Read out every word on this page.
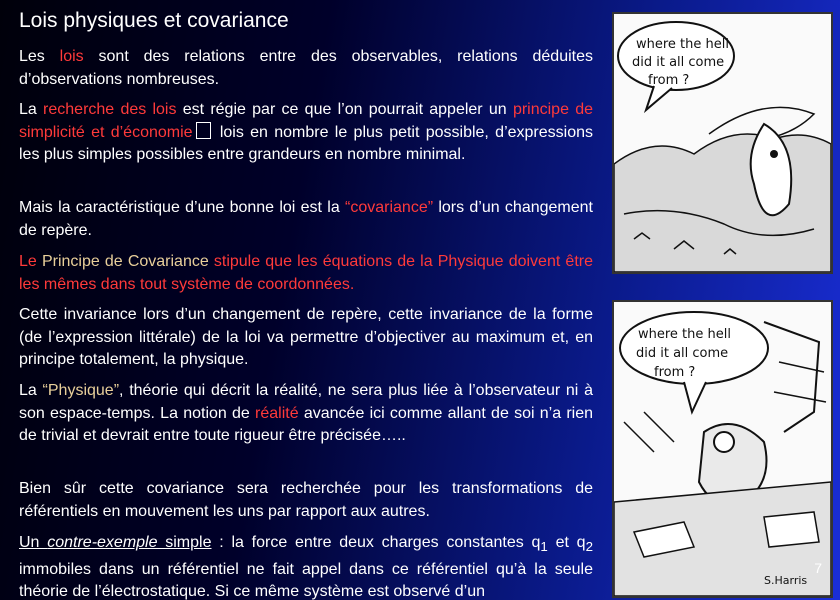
Lois physiques et covariance
Les lois sont des relations entre des observables, relations déduites d’observations nombreuses.
La recherche des lois est régie par ce que l’on pourrait appeler un principe de simplicité et d’économie lois en nombre le plus petit possible, d’expressions les plus simples possibles entre grandeurs en nombre minimal.
Mais la caractéristique d’une bonne loi est la “covariance” lors d’un changement de repère.
Le Principe de Covariance stipule que les équations de la Physique doivent être les mêmes dans tout système de coordonnées.
Cette invariance lors d’un changement de repère, cette invariance de la forme (de l’expression littérale) de la loi va permettre d’objectiver au maximum et, en principe totalement, la physique.
La “Physique”, théorie qui décrit la réalité, ne sera plus liée à l’observateur ni à son espace-temps. La notion de réalité avancée ici comme allant de soi n’a rien de trivial et devrait entre toute rigueur être précisée…..
Bien sûr cette covariance sera recherchée pour les transformations de référentiels en mouvement les uns par rapport aux autres.
Un contre-exemple simple : la force entre deux charges constantes $q_1$ et $q_2$ immobiles dans un référentiel ne fait appel dans ce référentiel qu’à la seule théorie de l’électrostatique. Si ce même système est observé d’un
where the hell
did it all come
from ?
where the hell
did it all come
from ?
S.Harris
7
